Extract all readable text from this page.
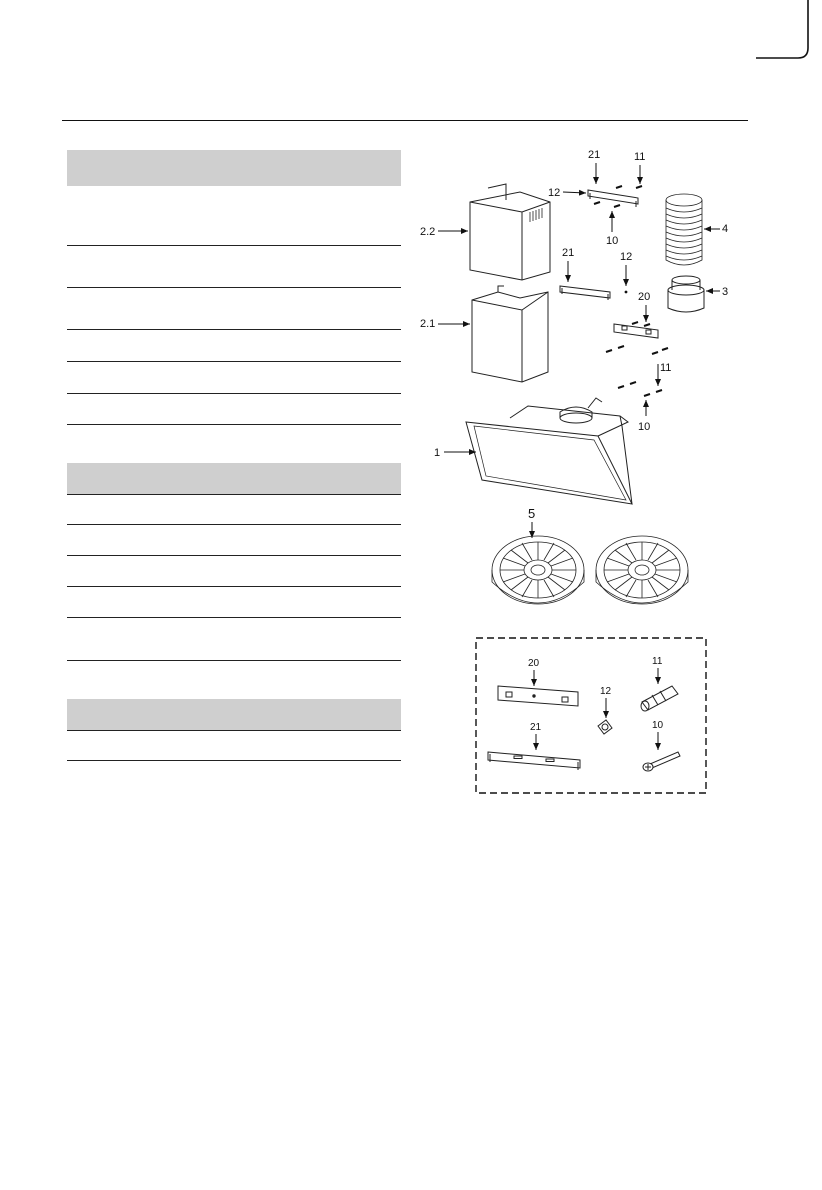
2.2
2.1
1
21	11
12
10
4
3
21	12
20
11
10
5
20
21
12
11
10
